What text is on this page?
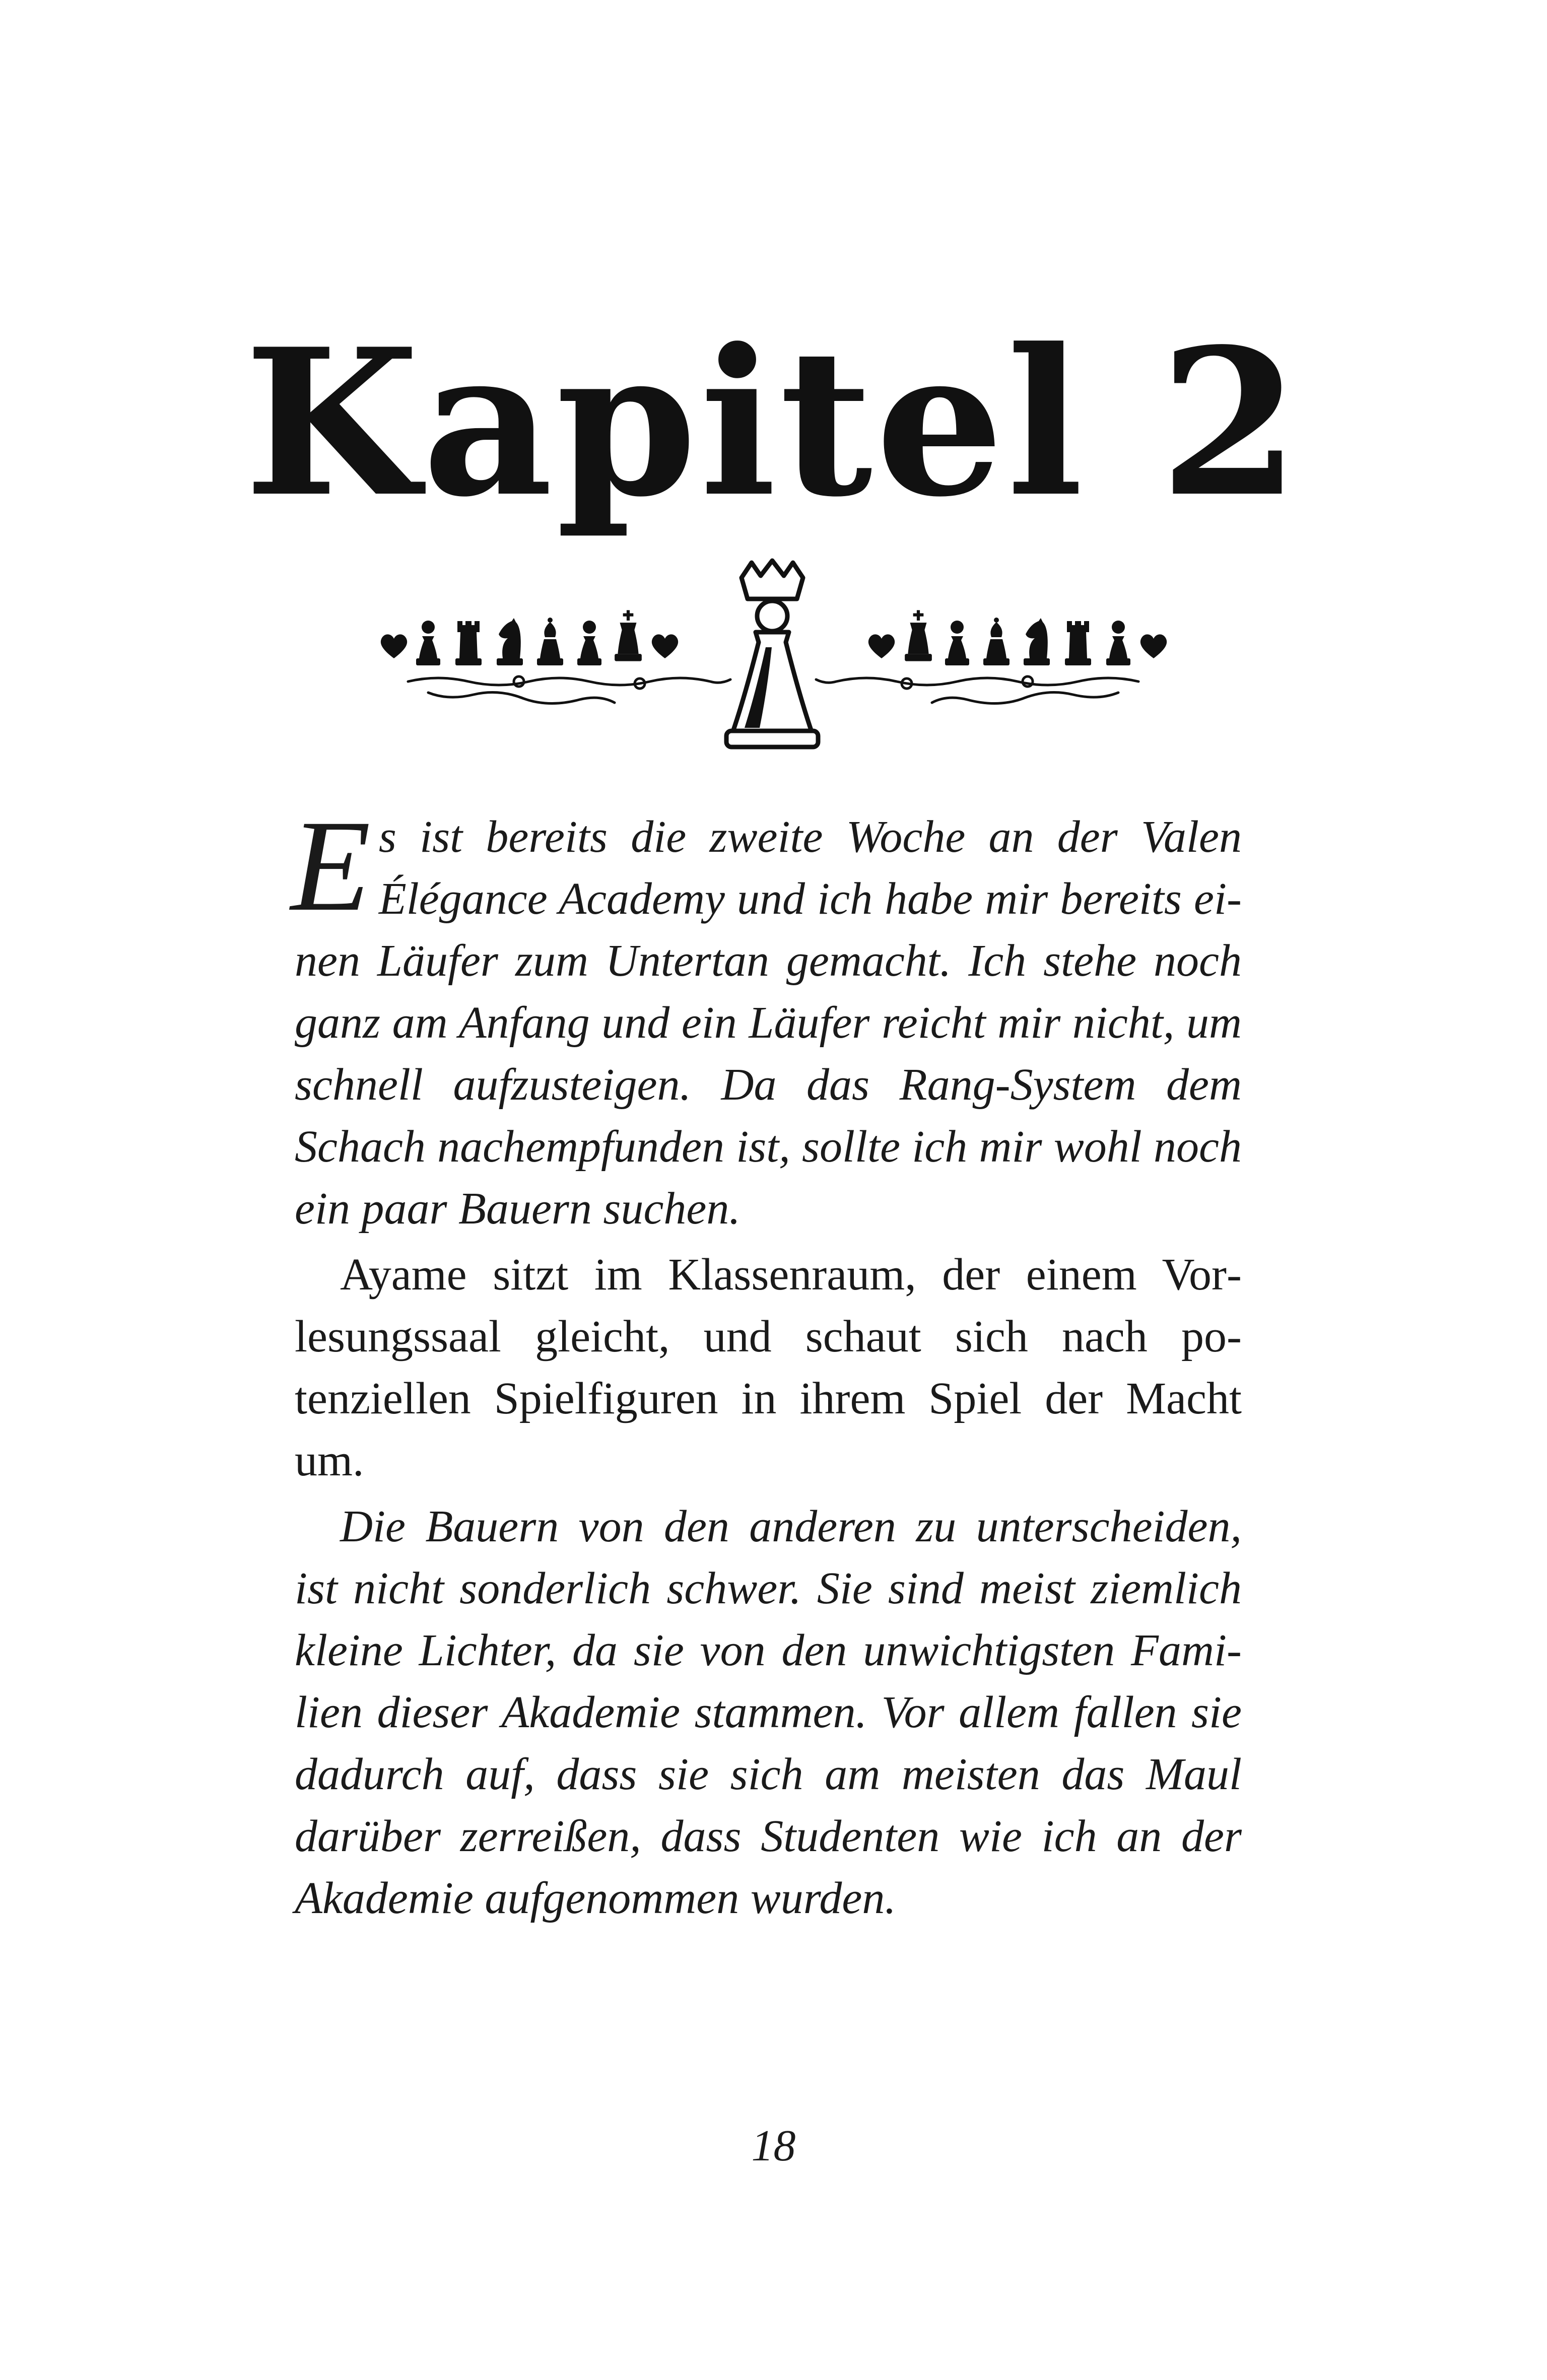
Kapitel 2

Es ist bereits die zweite Woche an der Valen Élégance Academy und ich habe mir bereits einen Läufer zum Untertan gemacht. Ich stehe noch ganz am Anfang und ein Läufer reicht mir nicht, um schnell aufzusteigen. Da das Rang-System dem Schach nachempfunden ist, sollte ich mir wohl noch ein paar Bauern suchen.

Ayame sitzt im Klassenraum, der einem Vorlesungssaal gleicht, und schaut sich nach potenziellen Spielfiguren in ihrem Spiel der Macht um.

Die Bauern von den anderen zu unterscheiden, ist nicht sonderlich schwer. Sie sind meist ziemlich kleine Lichter, da sie von den unwichtigsten Familien dieser Akademie stammen. Vor allem fallen sie dadurch auf, dass sie sich am meisten das Maul darüber zerreißen, dass Studenten wie ich an der Akademie aufgenommen wurden.

18
